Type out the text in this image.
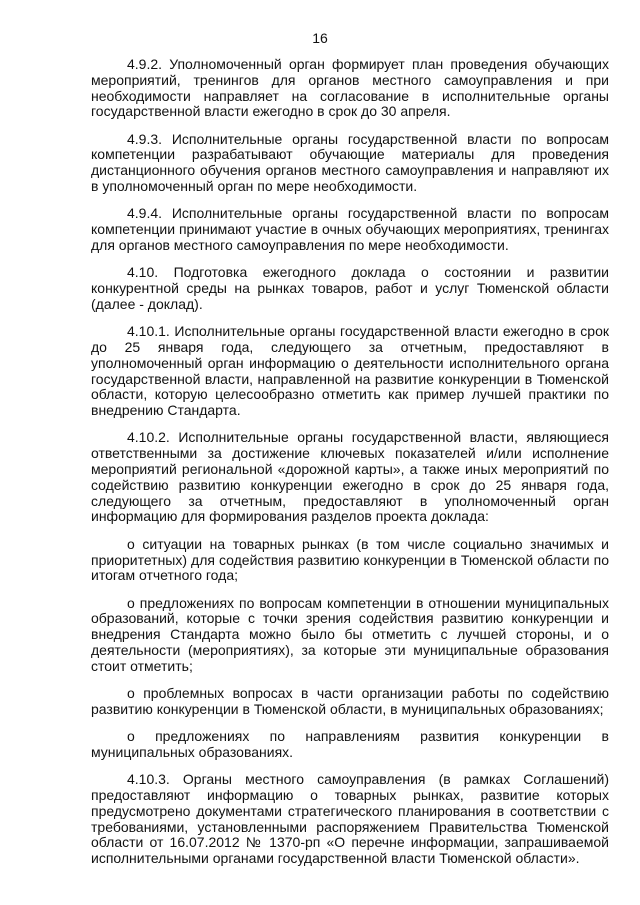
16

4.9.2. Уполномоченный орган формирует план проведения обучающих мероприятий, тренингов для органов местного самоуправления и при необходимости направляет на согласование в исполнительные органы государственной власти ежегодно в срок до 30 апреля.

4.9.3. Исполнительные органы государственной власти по вопросам компетенции разрабатывают обучающие материалы для проведения дистанционного обучения органов местного самоуправления и направляют их в уполномоченный орган по мере необходимости.

4.9.4. Исполнительные органы государственной власти по вопросам компетенции принимают участие в очных обучающих мероприятиях, тренингах для органов местного самоуправления по мере необходимости.

4.10. Подготовка ежегодного доклада о состоянии и развитии конкурентной среды на рынках товаров, работ и услуг Тюменской области (далее - доклад).

4.10.1. Исполнительные органы государственной власти ежегодно в срок до 25 января года, следующего за отчетным, предоставляют в уполномоченный орган информацию о деятельности исполнительного органа государственной власти, направленной на развитие конкуренции в Тюменской области, которую целесообразно отметить как пример лучшей практики по внедрению Стандарта.

4.10.2. Исполнительные органы государственной власти, являющиеся ответственными за достижение ключевых показателей и/или исполнение мероприятий региональной «дорожной карты», а также иных мероприятий по содействию развитию конкуренции ежегодно в срок до 25 января года, следующего за отчетным, предоставляют в уполномоченный орган информацию для формирования разделов проекта доклада:

о ситуации на товарных рынках (в том числе социально значимых и приоритетных) для содействия развитию конкуренции в Тюменской области по итогам отчетного года;

о предложениях по вопросам компетенции в отношении муниципальных образований, которые с точки зрения содействия развитию конкуренции и внедрения Стандарта можно было бы отметить с лучшей стороны, и о деятельности (мероприятиях), за которые эти муниципальные образования стоит отметить;

о проблемных вопросах в части организации работы по содействию развитию конкуренции в Тюменской области, в муниципальных образованиях;

о предложениях по направлениям развития конкуренции в муниципальных образованиях.

4.10.3. Органы местного самоуправления (в рамках Соглашений) предоставляют информацию о товарных рынках, развитие которых предусмотрено документами стратегического планирования в соответствии с требованиями, установленными распоряжением Правительства Тюменской области от 16.07.2012 № 1370-рп «О перечне информации, запрашиваемой исполнительными органами государственной власти Тюменской области».
